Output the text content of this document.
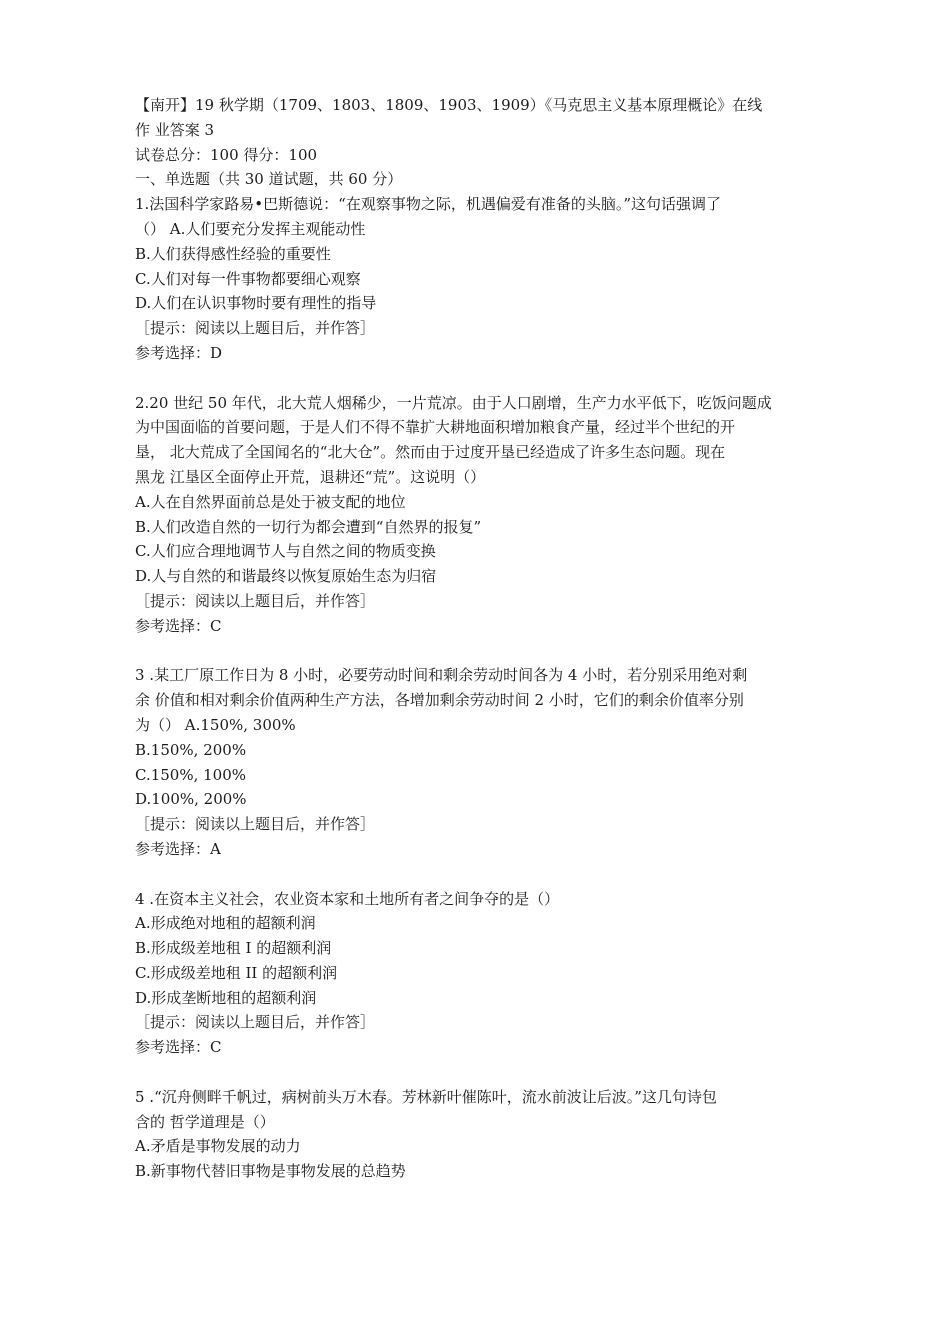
【南开】19 秋学期（1709、1803、1809、1903、1909）《马克思主义基本原理概论》在线
作 业答案 3
试卷总分：100 得分：100
一、单选题（共 30 道试题，共 60 分）
1.法国科学家路易•巴斯德说：“在观察事物之际，机遇偏爱有准备的头脑。”这句话强调了
（） A.人们要充分发挥主观能动性
B.人们获得感性经验的重要性
C.人们对每一件事物都要细心观察
D.人们在认识事物时要有理性的指导
［提示：阅读以上题目后，并作答］
参考选择：D
2.20 世纪 50 年代，北大荒人烟稀少，一片荒凉。由于人口剧增，生产力水平低下，吃饭问题成
为中国面临的首要问题，于是人们不得不靠扩大耕地面积增加粮食产量，经过半个世纪的开
垦， 北大荒成了全国闻名的“北大仓”。然而由于过度开垦已经造成了许多生态问题。现在
黑龙 江垦区全面停止开荒，退耕还“荒”。这说明（）
A.人在自然界面前总是处于被支配的地位
B.人们改造自然的一切行为都会遭到“自然界的报复”
C.人们应合理地调节人与自然之间的物质变换
D.人与自然的和谐最终以恢复原始生态为归宿
［提示：阅读以上题目后，并作答］
参考选择：C
3 .某工厂原工作日为 8 小时，必要劳动时间和剩余劳动时间各为 4 小时，若分别采用绝对剩
余 价值和相对剩余价值两种生产方法，各增加剩余劳动时间 2 小时，它们的剩余价值率分别
为（） A.150%, 300%
B.150%, 200%
C.150%, 100%
D.100%, 200%
［提示：阅读以上题目后，并作答］
参考选择：A
4 .在资本主义社会，农业资本家和土地所有者之间争夺的是（）
A.形成绝对地租的超额利润
B.形成级差地租 I 的超额利润
C.形成级差地租 II 的超额利润
D.形成垄断地租的超额利润
［提示：阅读以上题目后，并作答］
参考选择：C
5 .“沉舟侧畔千帆过，病树前头万木春。芳林新叶催陈叶，流水前波让后波。”这几句诗包
含的 哲学道理是（）
A.矛盾是事物发展的动力
B.新事物代替旧事物是事物发展的总趋势
